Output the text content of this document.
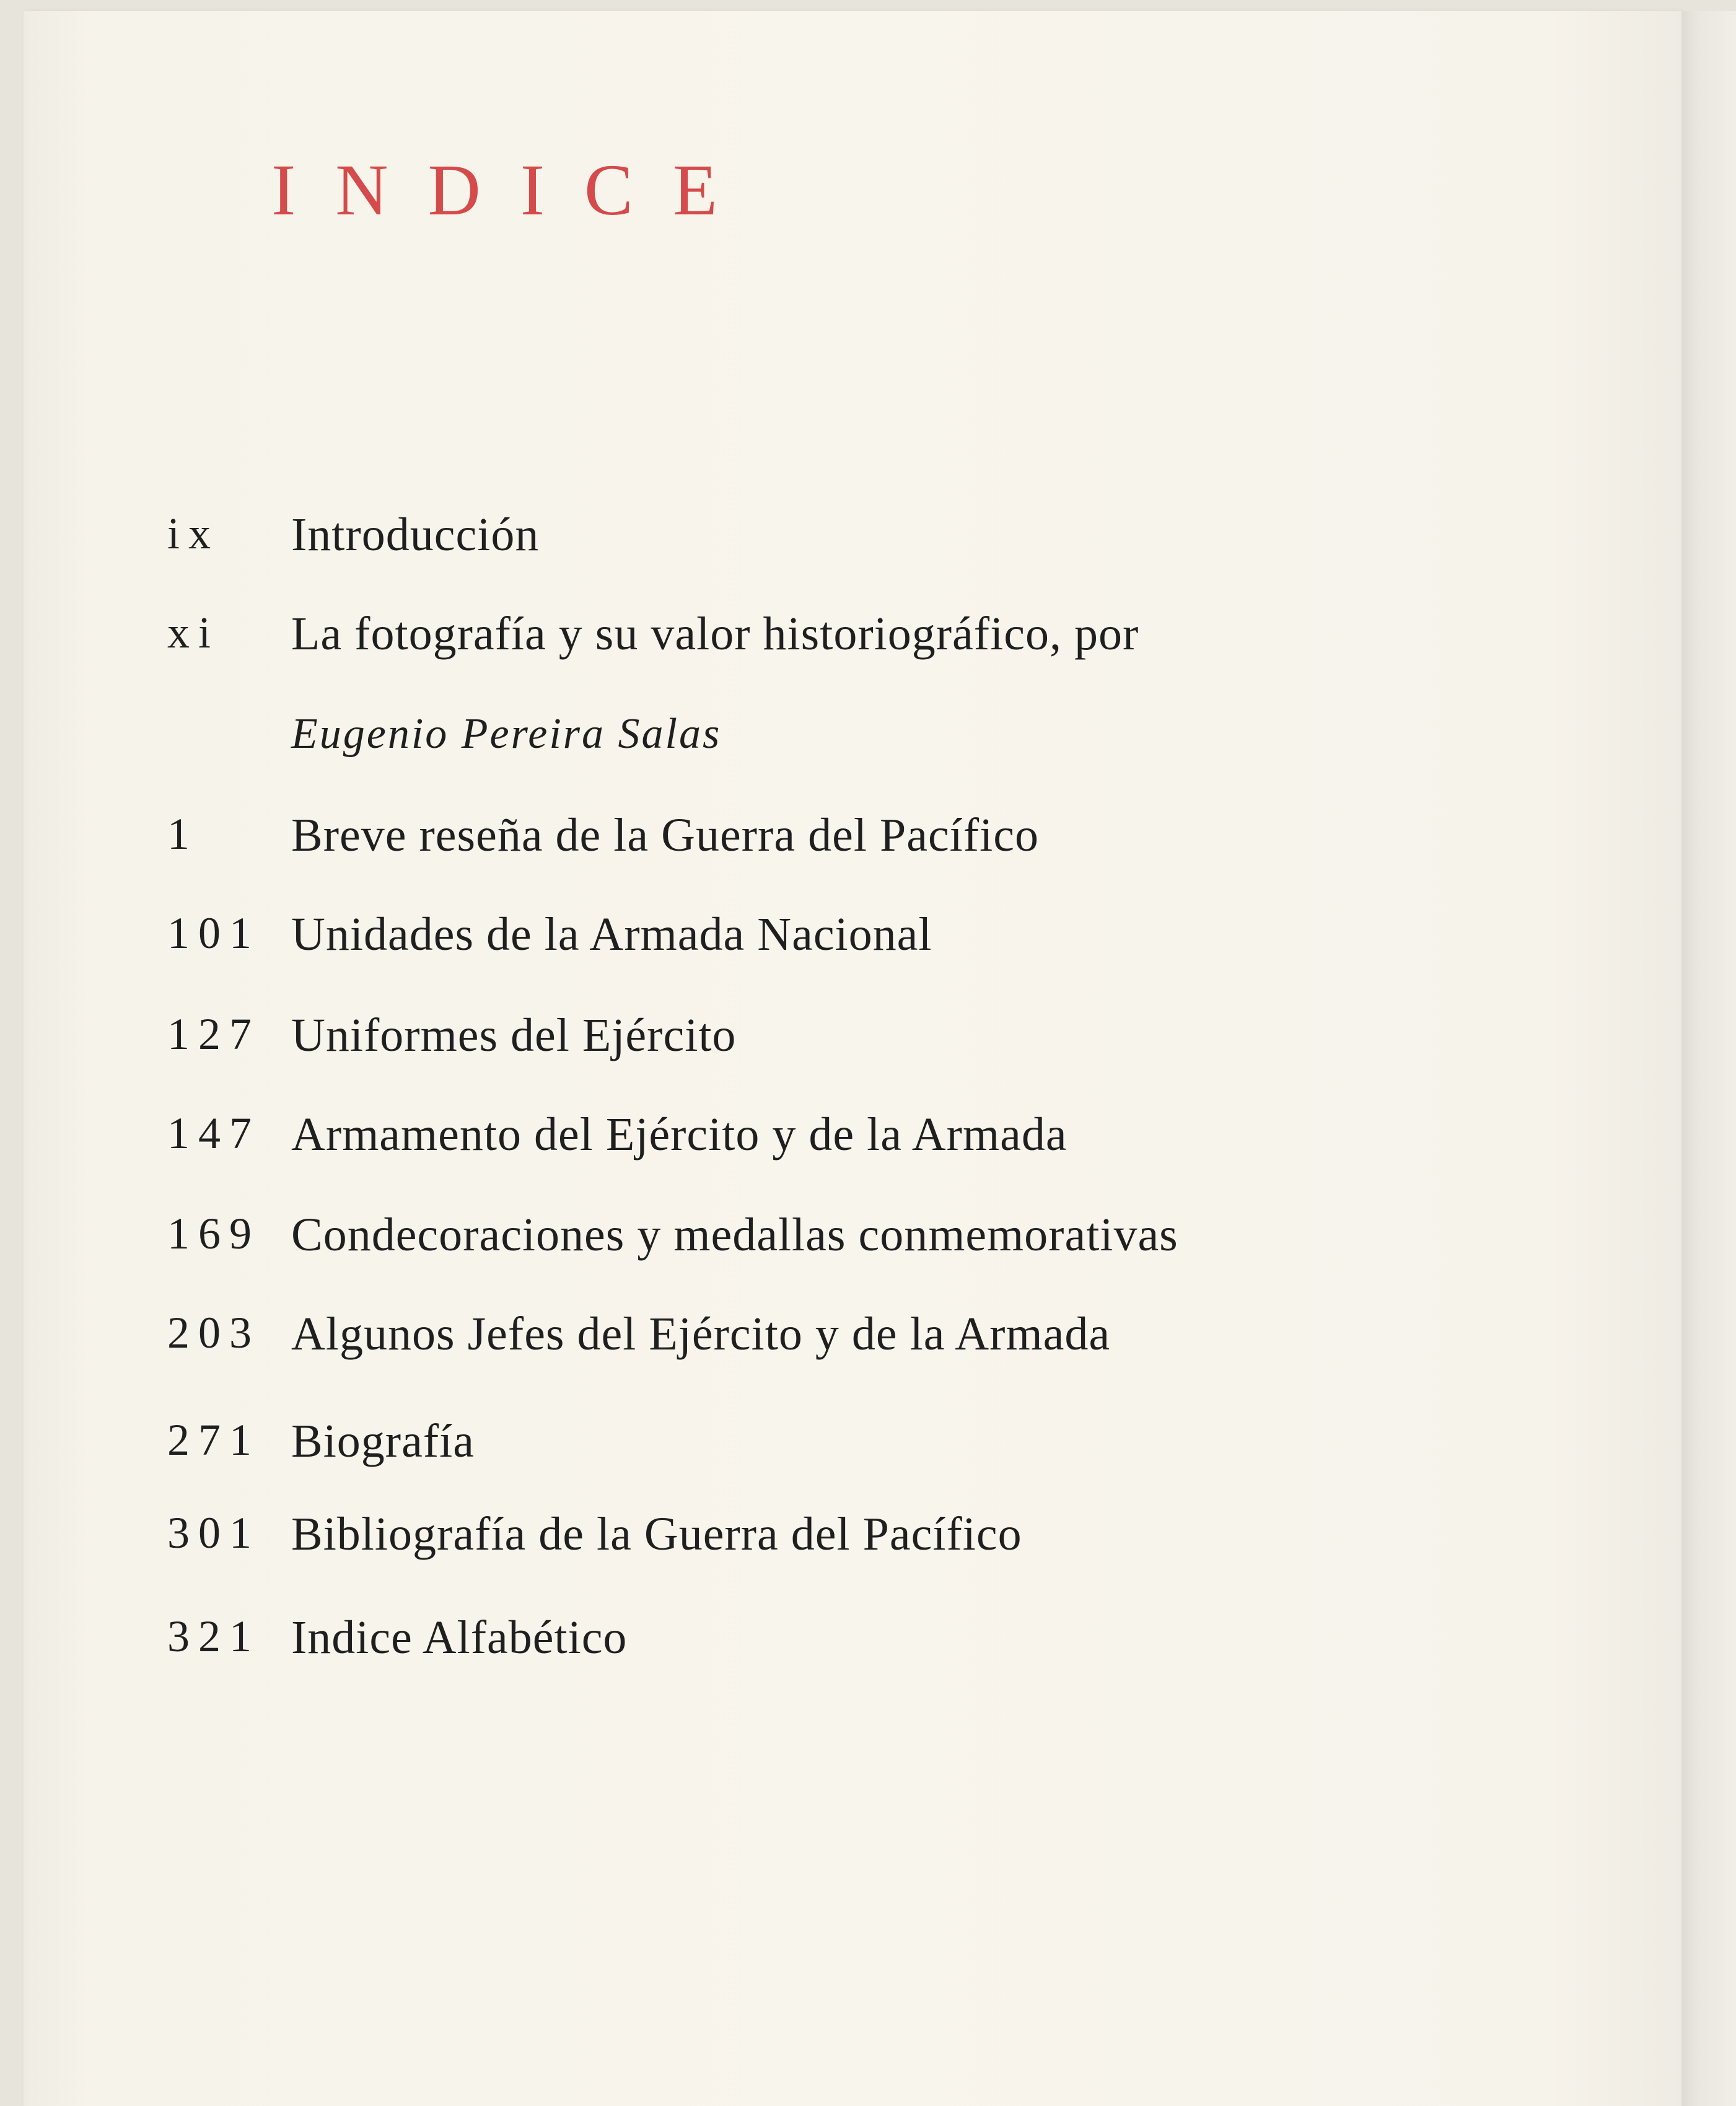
INDICE
ix Introducción
xi La fotografía y su valor historiográfico, por
Eugenio Pereira Salas
1 Breve reseña de la Guerra del Pacífico
101 Unidades de la Armada Nacional
127 Uniformes del Ejército
147 Armamento del Ejército y de la Armada
169 Condecoraciones y medallas conmemorativas
203 Algunos Jefes del Ejército y de la Armada
271 Biografía
301 Bibliografía de la Guerra del Pacífico
321 Indice Alfabético
